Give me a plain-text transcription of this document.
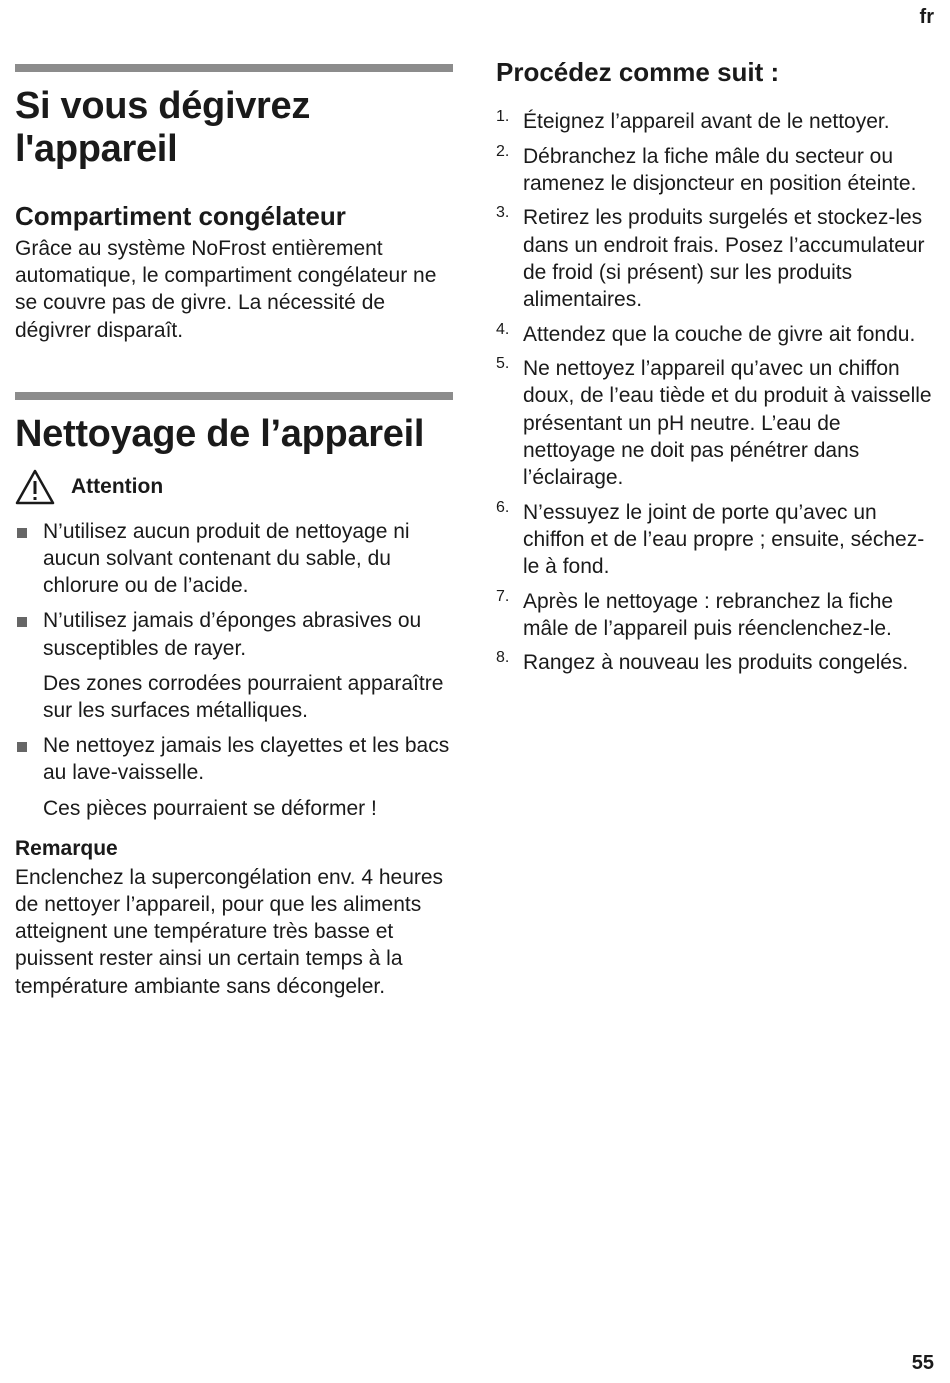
fr
Si vous dégivrez l'appareil
Compartiment congélateur

Grâce au système NoFrost entièrement automatique, le compartiment congélateur ne se couvre pas de givre. La nécessité de dégivrer disparaît.

Nettoyage de l’appareil
Attention

N’utilisez aucun produit de nettoyage ni aucun solvant contenant du sable, du chlorure ou de l’acide.

N’utilisez jamais d’éponges abrasives ou susceptibles de rayer.

Des zones corrodées pourraient apparaître sur les surfaces métalliques.

Ne nettoyez jamais les clayettes et les bacs au lave-vaisselle.

Ces pièces pourraient se déformer !

Remarque

Enclenchez la supercongélation env. 4 heures de nettoyer l’appareil, pour que les aliments atteignent une température très basse et puissent rester ainsi un certain temps à la température ambiante sans décongeler.

Procédez comme suit :
1. Éteignez l’appareil avant de le nettoyer.

2. Débranchez la fiche mâle du secteur ou ramenez le disjoncteur en position éteinte.

3. Retirez les produits surgelés et stockez-les dans un endroit frais. Posez l’accumulateur de froid (si présent) sur les produits alimentaires.

4. Attendez que la couche de givre ait fondu.

5. Ne nettoyez l’appareil qu’avec un chiffon doux, de l’eau tiède et du produit à vaisselle présentant un pH neutre. L’eau de nettoyage ne doit pas pénétrer dans l’éclairage.

6. N’essuyez le joint de porte qu’avec un chiffon et de l’eau propre ; ensuite, séchez-le à fond.

7. Après le nettoyage : rebranchez la fiche mâle de l’appareil puis réenclenchez-le.

8. Rangez à nouveau les produits congelés.

55
